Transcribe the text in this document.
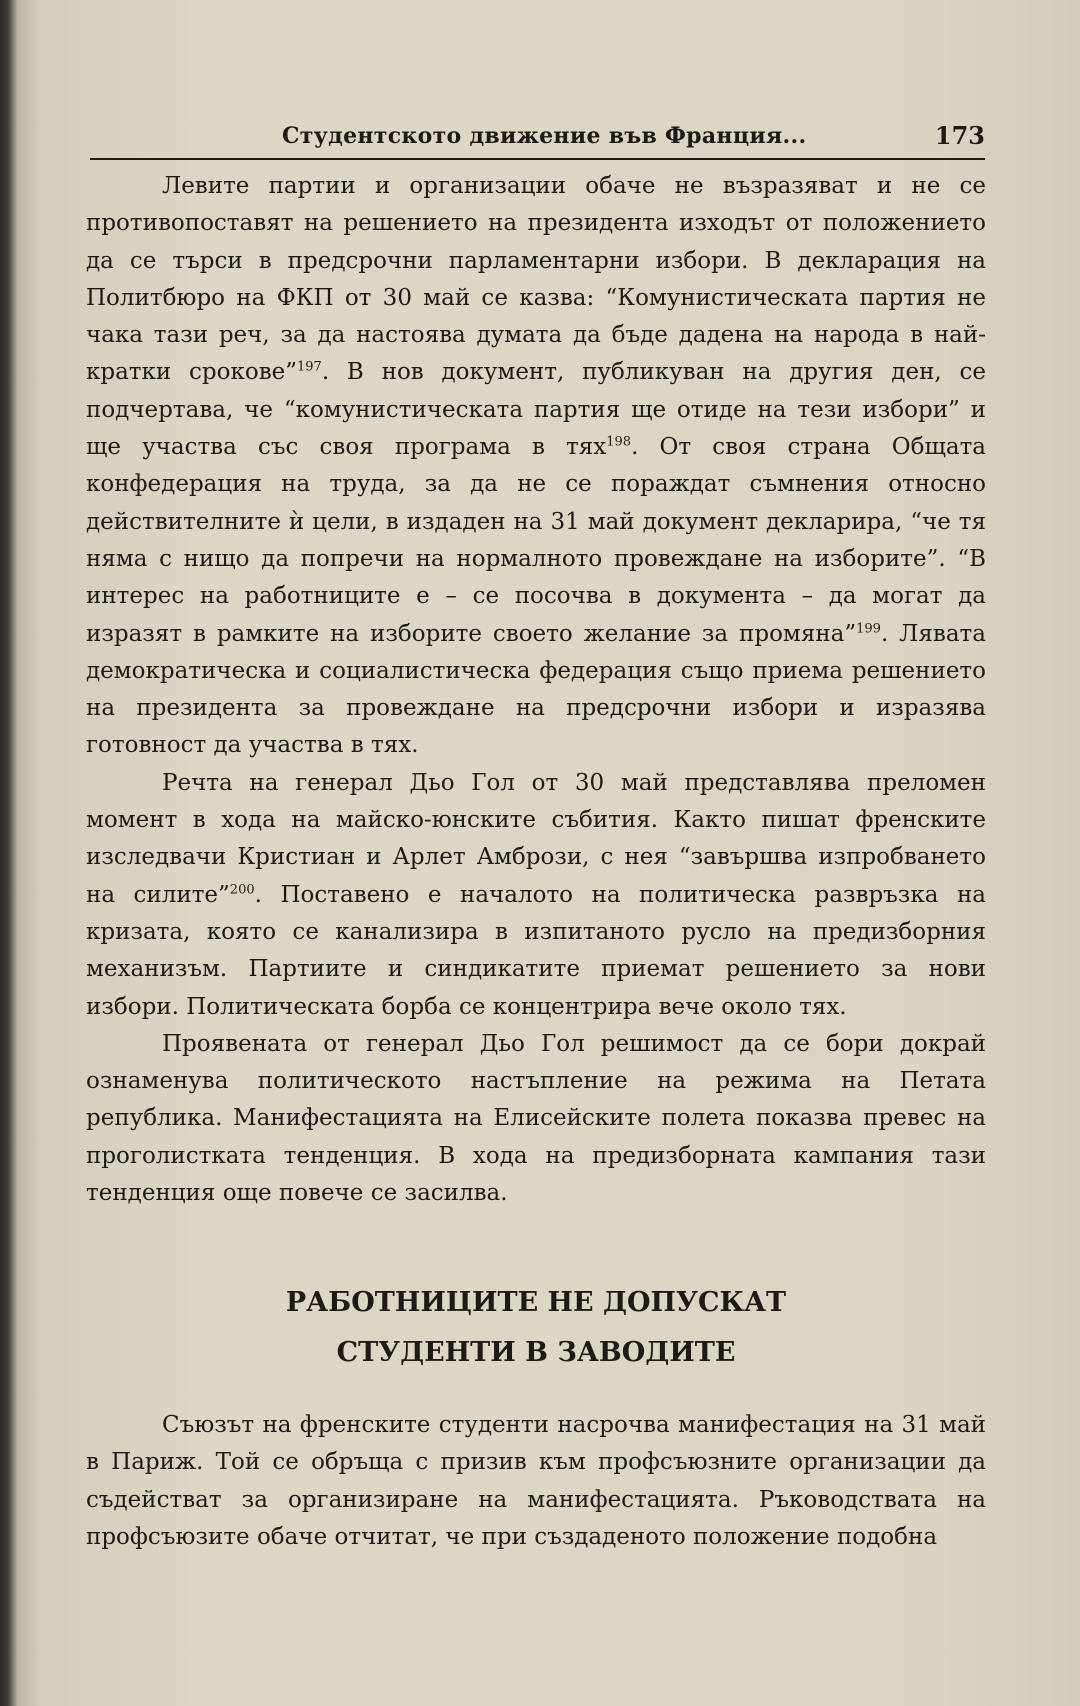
Студентското движение във Франция...	173

Левите партии и организации обаче не възразяват и не се противопоставят на решението на президента изходът от положението да се търси в предсрочни парламентарни избори. В декларация на Политбюро на ФКП от 30 май се казва: “Комунистическата партия не чака тази реч, за да настоява думата да бъде дадена на народа в най-кратки срокове”$^{197}$. В нов документ, публикуван на другия ден, се подчертава, че “комунистическата партия ще отиде на тези избори” и ще участва със своя програма в тях$^{198}$. От своя страна Общата конфедерация на труда, за да не се пораждат съмнения относно действителните ѝ цели, в издаден на 31 май документ декларира, “че тя няма с нищо да попречи на нормалното провеждане на изборите”. “В интерес на работниците е – се посочва в документа – да могат да изразят в рамките на изборите своето желание за промяна”$^{199}$. Лявата демократическа и социалистическа федерация също приема решението на президента за провеждане на предсрочни избори и изразява готовност да участва в тях.

Речта на генерал Дьо Гол от 30 май представлява преломен момент в хода на майско-юнските събития. Както пишат френските изследвачи Кристиан и Арлет Амбрози, с нея “завършва изпробването на силите”$^{200}$. Поставено е началото на политическа развръзка на кризата, която се канализира в изпитаното русло на предизборния механизъм. Партиите и синдикатите приемат решението за нови избори. Политическата борба се концентрира вече около тях.

Проявената от генерал Дьо Гол решимост да се бори докрай ознаменува политическото настъпление на режима на Петата република. Манифестацията на Елисейските полета показва превес на проголисткатa тенденция. В хода на предизборната кампания тази тенденция още повече се засилва.

РАБОТНИЦИТЕ НЕ ДОПУСКАТ
СТУДЕНТИ В ЗАВОДИТЕ

Съюзът на френските студенти насрочва манифестация на 31 май в Париж. Той се обръща с призив към профсъюзните организации да съдействат за организиране на манифестацията. Ръководствата на профсъюзите обаче отчитат, че при създаденото положение подобна
